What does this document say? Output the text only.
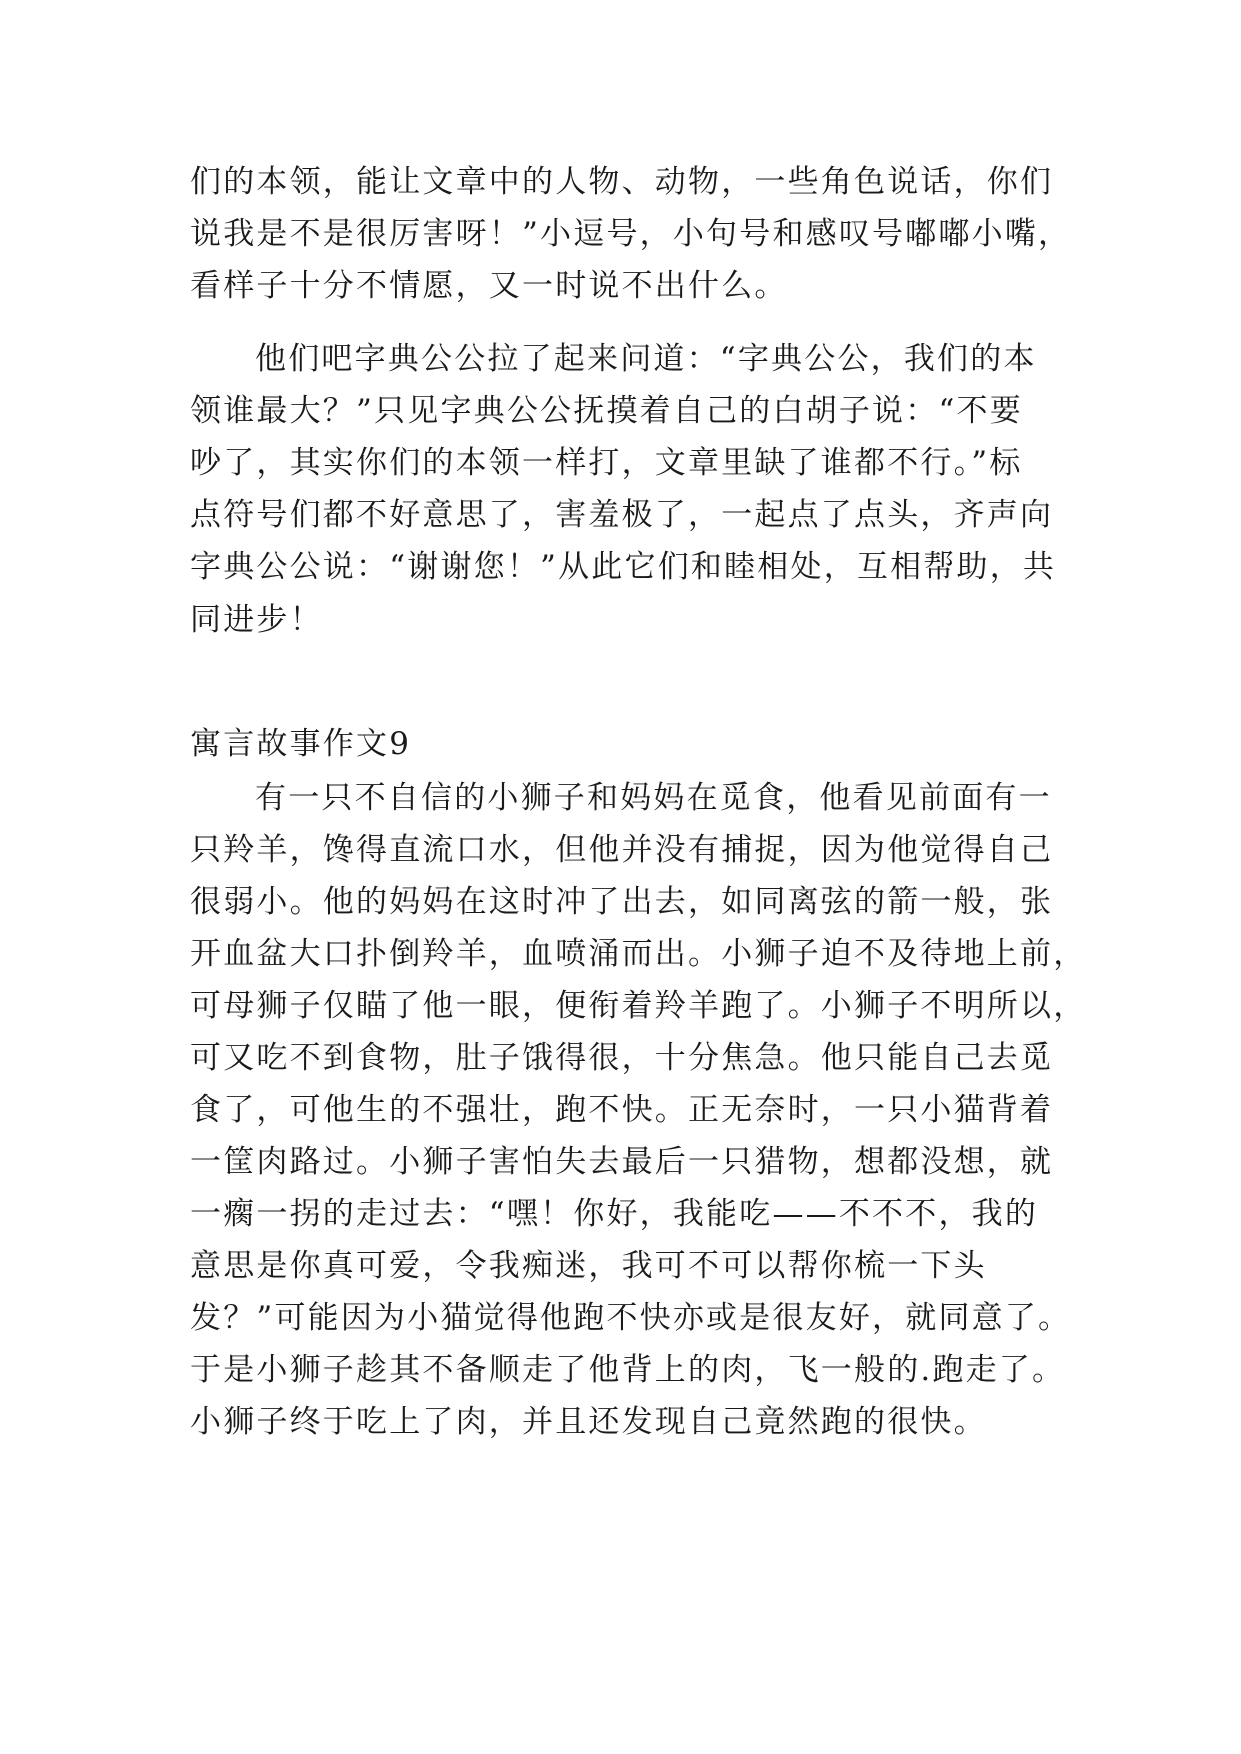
们的本领，能让文章中的人物、动物，一些角色说话，你们
说我是不是很厉害呀！”小逗号，小句号和感叹号嘟嘟小嘴，
看样子十分不情愿，又一时说不出什么。
他们吧字典公公拉了起来问道：“字典公公，我们的本
领谁最大？”只见字典公公抚摸着自己的白胡子说：“不要
吵了，其实你们的本领一样打，文章里缺了谁都不行。”标
点符号们都不好意思了，害羞极了，一起点了点头，齐声向
字典公公说：“谢谢您！”从此它们和睦相处，互相帮助，共
同进步！
寓言故事作文9
有一只不自信的小狮子和妈妈在觅食，他看见前面有一
只羚羊，馋得直流口水，但他并没有捕捉，因为他觉得自己
很弱小。他的妈妈在这时冲了出去，如同离弦的箭一般，张
开血盆大口扑倒羚羊，血喷涌而出。小狮子迫不及待地上前，
可母狮子仅瞄了他一眼，便衔着羚羊跑了。小狮子不明所以，
可又吃不到食物，肚子饿得很，十分焦急。他只能自己去觅
食了，可他生的不强壮，跑不快。正无奈时，一只小猫背着
一筐肉路过。小狮子害怕失去最后一只猎物，想都没想，就
一瘸一拐的走过去：“嘿！你好，我能吃——不不不，我的
意思是你真可爱，令我痴迷，我可不可以帮你梳一下头
发？”可能因为小猫觉得他跑不快亦或是很友好，就同意了。
于是小狮子趁其不备顺走了他背上的肉，飞一般的.跑走了。
小狮子终于吃上了肉，并且还发现自己竟然跑的很快。
